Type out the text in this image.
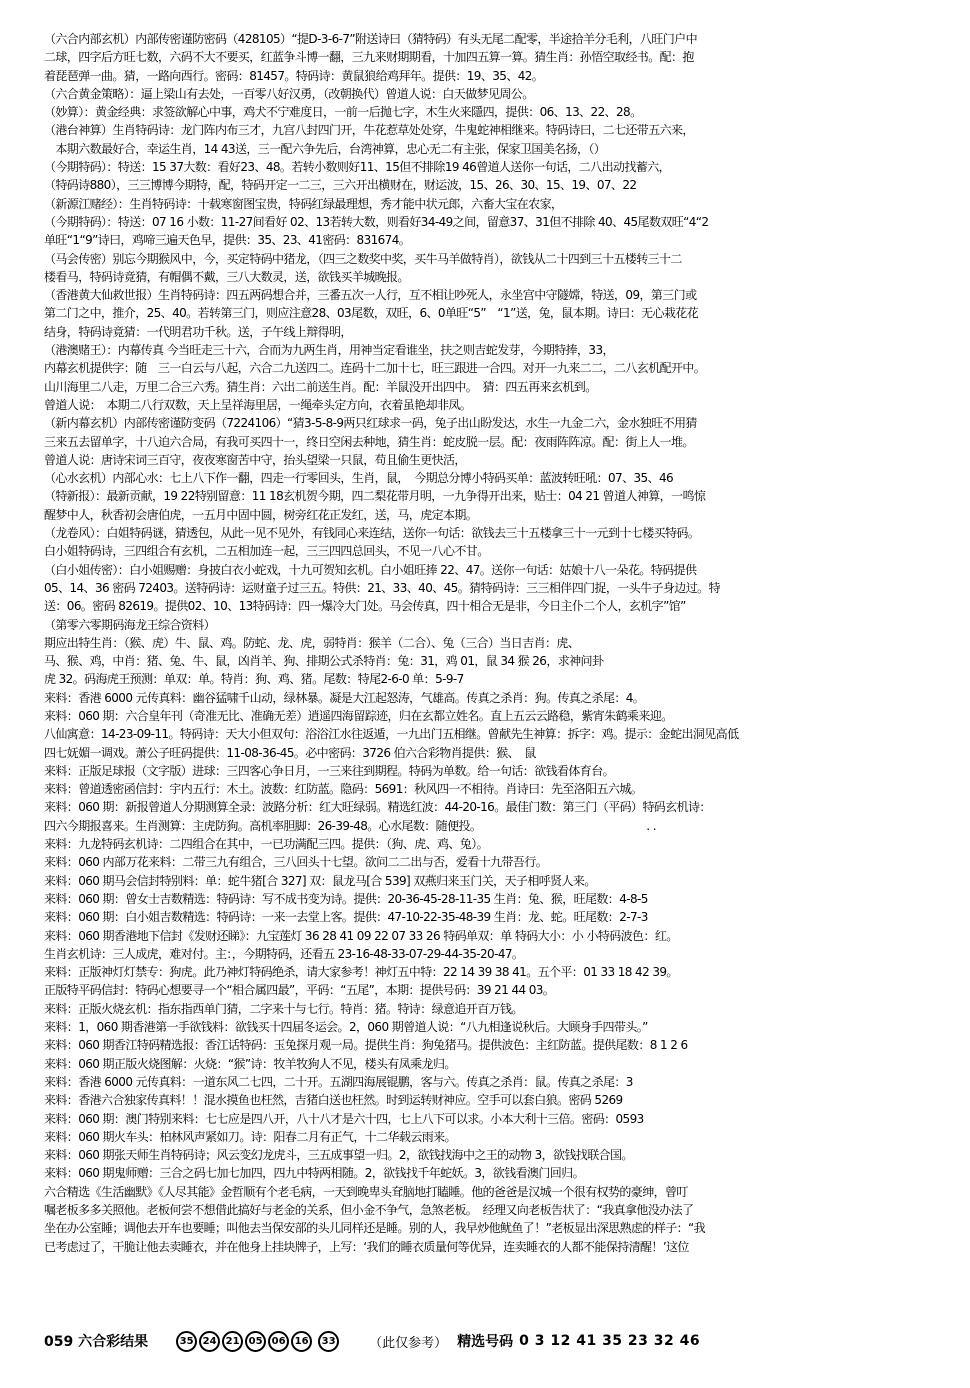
（六合内部玄机）内部传密谨防密码（428105）“提D-3-6-7”附送诗曰（猜特码）有头无尾二配零，半途拾羊分毛利，八旺门户中
二球，四字后方旺七数，六码不大不要买，红蓝争斗博一翻，三九来财期期看，十加四五算一算。猜生肖：孙悟空取经书。配：抱
着琵琶弹一曲。猜，一路向西行。密码：81457。特码诗：黄鼠狼给鸡拜年。提供：19、35、42。
（六合黄金策略）：逼上梁山有去处，一百零八好汉勇，（改朝换代）曾道人说：白天做梦见周公。
（妙算）：黄金经典：求签欲解心中事，鸡犬不宁难度日，一前一后抛七字，木生火来隱四，提供：06、13、22、28。
（港台神算）生肖特码诗：龙门阵内布三才，九宫八封四门开，牛花惹草处处穿，牛鬼蛇神相继来。特码诗曰，二七还带五六来，
　本期六数最好合，幸运生肖，14 43送，三一配六争先后，台湾神算，忠心无二有主张，保家卫国美名扬，（）
（今期特码）：特送：15 37大数：看好23、48。若转小数则好11、15但不排除19 46曾道人送你一句话，二八出动找蓄六，
（特码诗880），三三博博今期特，配，特码开定一二三，三六开出横财在，财运波，15、26、30、15、19、07、22
（新源江赌经）：生肖特码诗：十载寒窗图宝贵，特码红绿最理想，秀才能中状元郎，六畜大宝在农家，
（今期特码）：特送：07 16 小数：11-27间看好 02、13若转大数，则看好34-49之间，留意37、31但不排除 40、45尾数双旺“4“2
单旺“1“9”诗曰，鸡啼三遍天色早，提供：35、23、41密码：831674。
（马会传密）别忘今期猴风中，今，买定特码中猪龙，（四三之数奖中奖，买牛马羊做特肖），欲钱从二十四到三十五楼转三十二
楼看马，特码诗竟猜，有帽偶不戴，三八大数灵，送，欲钱买羊城晚报。
（香港黄大仙救世报）生肖特码诗：四五两码想合并，三番五次一人行，互不相让吵死人，永坐宫中守隧嫦，特送，09，第三门或
第二门之中，推介，25、40。若转第三门，则应注意28、03尾数，双旺，6、0单旺“5”　“1”送，兔，鼠本期。诗曰：无心栽花花
结身，特码诗竟猜：一代明君功千秋。送，子午线上辩得明，
（港澳赌王）：内幕传真 今当旺走三十六，合而为九两生肖，用神当定看谁坐，扶之则吉蛇发芽，今期特捧，33，
内幕玄机提供字：随　三一白云与八起，六合二九送四二。连码十二加十七，旺三跟进一合四。对开一九来二二，二八玄机配开中。
山川海里二八走，万里二合三六秀。猜生肖：六出二前送生肖。配：羊鼠没开出四中。　猜：四五再来玄机到。
曾道人说：　本期二八行双数，天上呈祥海里居，一绳牵头定方向，衣着虽艳却非凤。
（新内幕玄机）内部传密谨防变码（7224106）“猜3-5-8-9两只红球求一码，兔子出山盼发达，水生一九金二六，金水独旺不用猜
三来五去留单字，十八迫六合局，有我可买四十一，终日空闲去种地，猜生肖：蛇皮脱一层。配：夜雨阵阵凉。配：街上人一堆。
曾道人说：唐诗宋词三百守，夜夜寒窗苦中守，抬头望梁一只鼠，苟且偷生更快活，
（心水玄机）内部心水：七上八下作一翻，四走一行零回头，生肖，鼠，　今期总分博小特码买单：蓝波转旺吼：07、35、46
（特新报）：最新贡献，19 22特别留意：11 18玄机贺今期，四二梨花带月明，一九争得开出来，贴士：04 21 曾道人神算，一鸣惊
醒梦中人，秋香初会唐伯虎，一五月中固中圆，树旁红花正发红，送，马，虎定本期。
（龙卷风）：白姐特码谜，猜透包，从此一见不见外，有钱同心来连结，送你一句话：欲钱去三十五楼拿三十一元到十七楼买特码。
白小姐特码诗，三四组合有玄机，二五相加连一起，三三四四总回头，不见一八心不甘。
（白小姐传密）：白小姐赐赠：身披白衣小蛇戏，十九可贺知玄机。白小姐旺捧 22、47。送你一句话：姑娘十八一朵花。特码提供
05、14、36 密码 72403。送特码诗：运财童子过三五。特供：21、33、40、45。猜特码诗：三三相伴四门捉，一头牛子身边过。特
送：06。密码 82619。提供02、10、13特码诗：四一爆冷大门处。马会传真，四十相合无是非，今日主仆二个人，玄机字”馆”
（第零六零期码海龙王综合资料）
期应出特生肖：（猴、虎）牛、鼠、鸡。防蛇、龙、虎，弱特肖：猴羊（二合）、兔（三合）当日吉肖：虎、
马、猴、鸡，中肖：猪、兔、牛、鼠，凶肖羊、狗、排期公式杀特肖：兔：31，鸡 01，鼠 34 猴 26，求神问卦
虎 32。码海虎王预测：单双：单。特肖：狗、鸡、猪。尾数：特尾2-6-0 单：5-9-7
来料：香港 6000 元传真料：幽谷猛啸千山动，绿林暴。凝是大江起怒涛，气雄高。传真之杀肖：狗。传真之杀尾：4。
来料：060 期：六合皇年刊（奇准无比、准确无差）逍遥四海留踪迹，归在玄都立姓名。直上五云云路稳，紫宵朱鹤乘来迎。
八仙寓意：14-23-09-11。特码诗：天大小但双句：浴浴江水往返遁，一九出门五相继。曾献先生神算：拆字：鸡。提示：金蛇出洞见高低
四七妩媚一调戏。萧公子旺码提供：11-08-36-45。必中密码：3726 伯六合彩物肖提供：猴、　鼠
来料：正版足球报（文字版）进球：三四客心争日月，一三来往到期程。特码为单数。给一句话：欲钱看体育台。
来料：曾道透密函信封：宇内五行：木土。波数：红防蓝。隐码：5691：秋风四一不相待。肖诗曰：先至洛阳五六城。
来料：060 期：新报曾道人分期测算全录：波路分析：红大旺绿弱。精选红波：44-20-16。最佳门数：第三门（平码）特码玄机诗：
四六今期报喜来。生肖测算：主虎防狗。高机率胆脚：26-39-48。心水尾数：随便投。　　　　　　　　　　　　　　　. .
来料：九龙特码玄机诗：二四组合在其中，一已功满配三四。提供：（狗、虎、鸡、兔）。
来料：060 内部万花来料：二带三九有组合，三八回头十七望。欲问二二出与否，爱看十九带吾行。
来料：060 期马会信封特别料：单：蛇牛猪[合 327] 双：鼠龙马[合 539] 双燕归来玉门关，天子相呼贤人来。
来料：060 期：曾女士吉数精选：特码诗：写不成书变为诗。提供：20-36-45-28-11-35 生肖：兔、猴，旺尾数：4-8-5
来料：060 期：白小姐吉数精选：特码诗：一来一去堂上客。提供：47-10-22-35-48-39 生肖：龙、蛇。旺尾数：2-7-3
来料：060 期香港地下信封《发财还睇》：九宝莲灯 36 28 41 09 22 07 33 26 特码单双：单 特码大小：小 小特码波色：红。
生肖玄机诗：三人成虎，难对付。主：，今期特码，还看五 23-16-48-33-07-29-44-35-20-47。
来料：正版神灯灯禁专：狗虎。此乃神灯特码绝杀，请大家参考！神灯五中特：22 14 39 38 41。五个平：01 33 18 42 39。
正版特平码信封：特码心想要寻一个“相合属四最”，平码：“五尾”，本期：提供号码：39 21 44 03。
来料：正版火烧玄机：指东指西单门猜，二字来十与七行。特肖：猪。特诗：绿意追开百万钱。
来料：1，060 期香港第一手欲钱料：欲钱买十四届冬运会。2，060 期曾道人说：“八九相逢说秋后。大顾身手四带头。”
来料：060 期香江特码精选报：香江话特码：玉兔探月观一局。提供生肖：狗兔猪马。提供波色：主红防蓝。提供尾数：8 1 2 6
来料：060 期正版火烧图解：火烧：“猴”诗：牧羊牧狗人不见，楼头有凤乘龙归。
来料：香港 6000 元传真料：一道东风二七四，二十开。五湖四海展锟鹏，客与六。传真之杀肖：鼠。传真之杀尾：3
来料：香港六合独家传真料！！混水摸鱼也枉然，吉猪白送也枉然。时到运转财神应。空手可以套白狼。密码 5269
来料：060 期：澳门特别来料：七七应是四八开，八十八才是六十四，七上八下可以求。小本大利十三倍。密码：0593
来料：060 期火车头：柏林风声紧如刀。诗：阳春二月有正气，十二华载云雨来。
来料：060 期张天师生肖特码诗；风云变幻龙虎斗，三五成事望一归。2，欲钱找海中之王的动物 3，欲钱找联合国。
来料：060 期鬼师赠：三合之码七加七加四，四九中特两相随。2，欲钱找千年蛇妖。3，欲钱看澳门回归。
六合精选《生活幽默》《人尽其能》金哲顺有个老毛病，一天到晚卑头耷脑地打瞌睡。他的爸爸是汉城一个很有权势的豪绅，曾叮
嘱老板多多关照他。老板何尝不想借此搞好与老金的关系，但小金不争气，急煞老板。　经理又向老板告状了：“我真拿他没办法了
坐在办公室睡；调他去开车也要睡；叫他去当保安部的头儿同样还是睡。别的人，我早炒他鱿鱼了！”老板显出深思熟虑的样子：“我
已考虑过了，干脆让他去卖睡衣，并在他身上挂块牌子，上写：‘我们的睡衣质量何等优异，连卖睡衣的人都不能保持清醒！’这位
059 六合彩结果	35 24 21 05 06 16	33	（此仅参考） 精选号码 0 3 12 41 35 23 32 46
